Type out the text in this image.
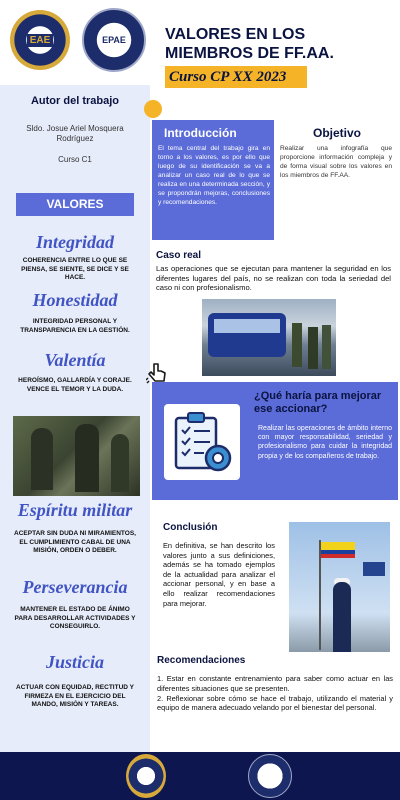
EAE	EPAE VALORES EN LOS
MIEMBROS DE FF.AA.
Curso CP XX 2023
Autor del trabajo
Sldo. Josue Ariel Mosquera Rodríguez
Curso C1
VALORES
Integridad
COHERENCIA ENTRE LO QUE SE PIENSA, SE SIENTE, SE DICE Y SE HACE.
Honestidad
INTEGRIDAD PERSONAL Y TRANSPARENCIA EN LA GESTIÓN.
Valentía
HEROÍSMO, GALLARDÍA Y CORAJE. VENCE EL TEMOR Y LA DUDA.
Espíritu militar
ACEPTAR SIN DUDA NI MIRAMIENTOS, EL CUMPLIMIENTO CABAL DE UNA MISIÓN, ORDEN O DEBER.
Perseverancia
MANTENER EL ESTADO DE ÁNIMO PARA DESARROLLAR ACTIVIDADES Y CONSEGUIRLO.
Justicia
ACTUAR CON EQUIDAD, RECTITUD Y FIRMEZA EN EL EJERCICIO DEL MANDO, MISIÓN Y TAREAS.
Introducción
El tema central del trabajo gira en torno a los valores, es por ello que luego de su identificación se va a analizar un caso real de lo que se realiza en una determinada sección, y se propondrán mejoras, conclusiones y recomendaciones.
Objetivo
Realizar una infografía que proporcione información compleja y de forma visual sobre los valores en los miembros de FF.AA.
Caso real
Las operaciones que se ejecutan para mantener la seguridad en los diferentes lugares del país, no se realizan con toda la seriedad del caso ni con profesionalismo.
¿Qué haría para mejorar ese accionar?
Realizar las operaciones de ámbito interno con mayor responsabilidad, seriedad y profesionalismo para cuidar la integridad propia y de los compañeros de trabajo.
Conclusión
En definitiva, se han descrito los valores junto a sus definiciones, además se ha tomado ejemplos de la actualidad para analizar el accionar personal, y en base a ello realizar recomendaciones para mejorar.
Recomendaciones
1. Estar en constante entrenamiento para saber como actuar en las diferentes situaciones que se presenten.
2. Reflexionar sobre cómo se hace el trabajo, utilizando el material y equipo de manera adecuado velando por el bienestar del personal.
